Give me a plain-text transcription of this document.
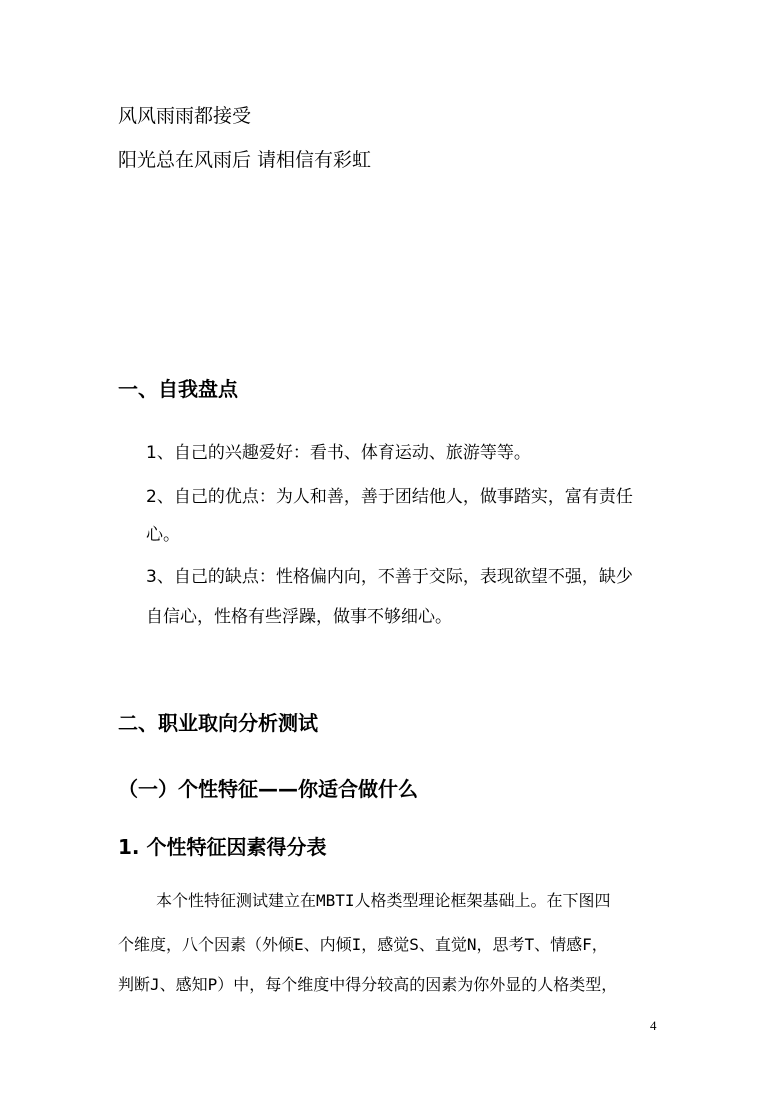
风风雨雨都接受
阳光总在风雨后 请相信有彩虹
一、自我盘点
1、自己的兴趣爱好：看书、体育运动、旅游等等。
2、自己的优点：为人和善，善于团结他人，做事踏实，富有责任
心。
3、自己的缺点：性格偏内向，不善于交际，表现欲望不强，缺少
自信心，性格有些浮躁，做事不够细心。
二、职业取向分析测试
（一）个性特征——你适合做什么
1. 个性特征因素得分表
本个性特征测试建立在MBTI人格类型理论框架基础上。在下图四
个维度，八个因素（外倾E、内倾I，感觉S、直觉N，思考T、情感F，
判断J、感知P）中，每个维度中得分较高的因素为你外显的人格类型，
4
